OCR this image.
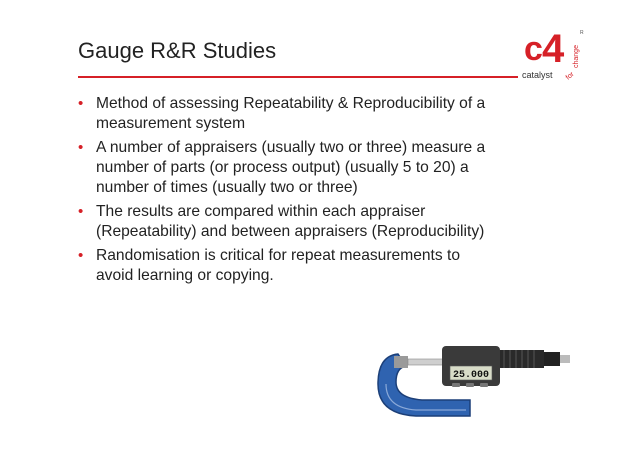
Gauge R&R Studies	c 4
catalyst for
change
R
• Method of assessing Repeatability & Reproducibility of a
measurement system
• A number of appraisers (usually two or three) measure a
number of parts (or process output) (usually 5 to 20) a
number of times (usually two or three)
• The results are compared within each appraiser
(Repeatability) and between appraisers (Reproducibility)
• Randomisation is critical for repeat measurements to
avoid learning or copying.
25.000
